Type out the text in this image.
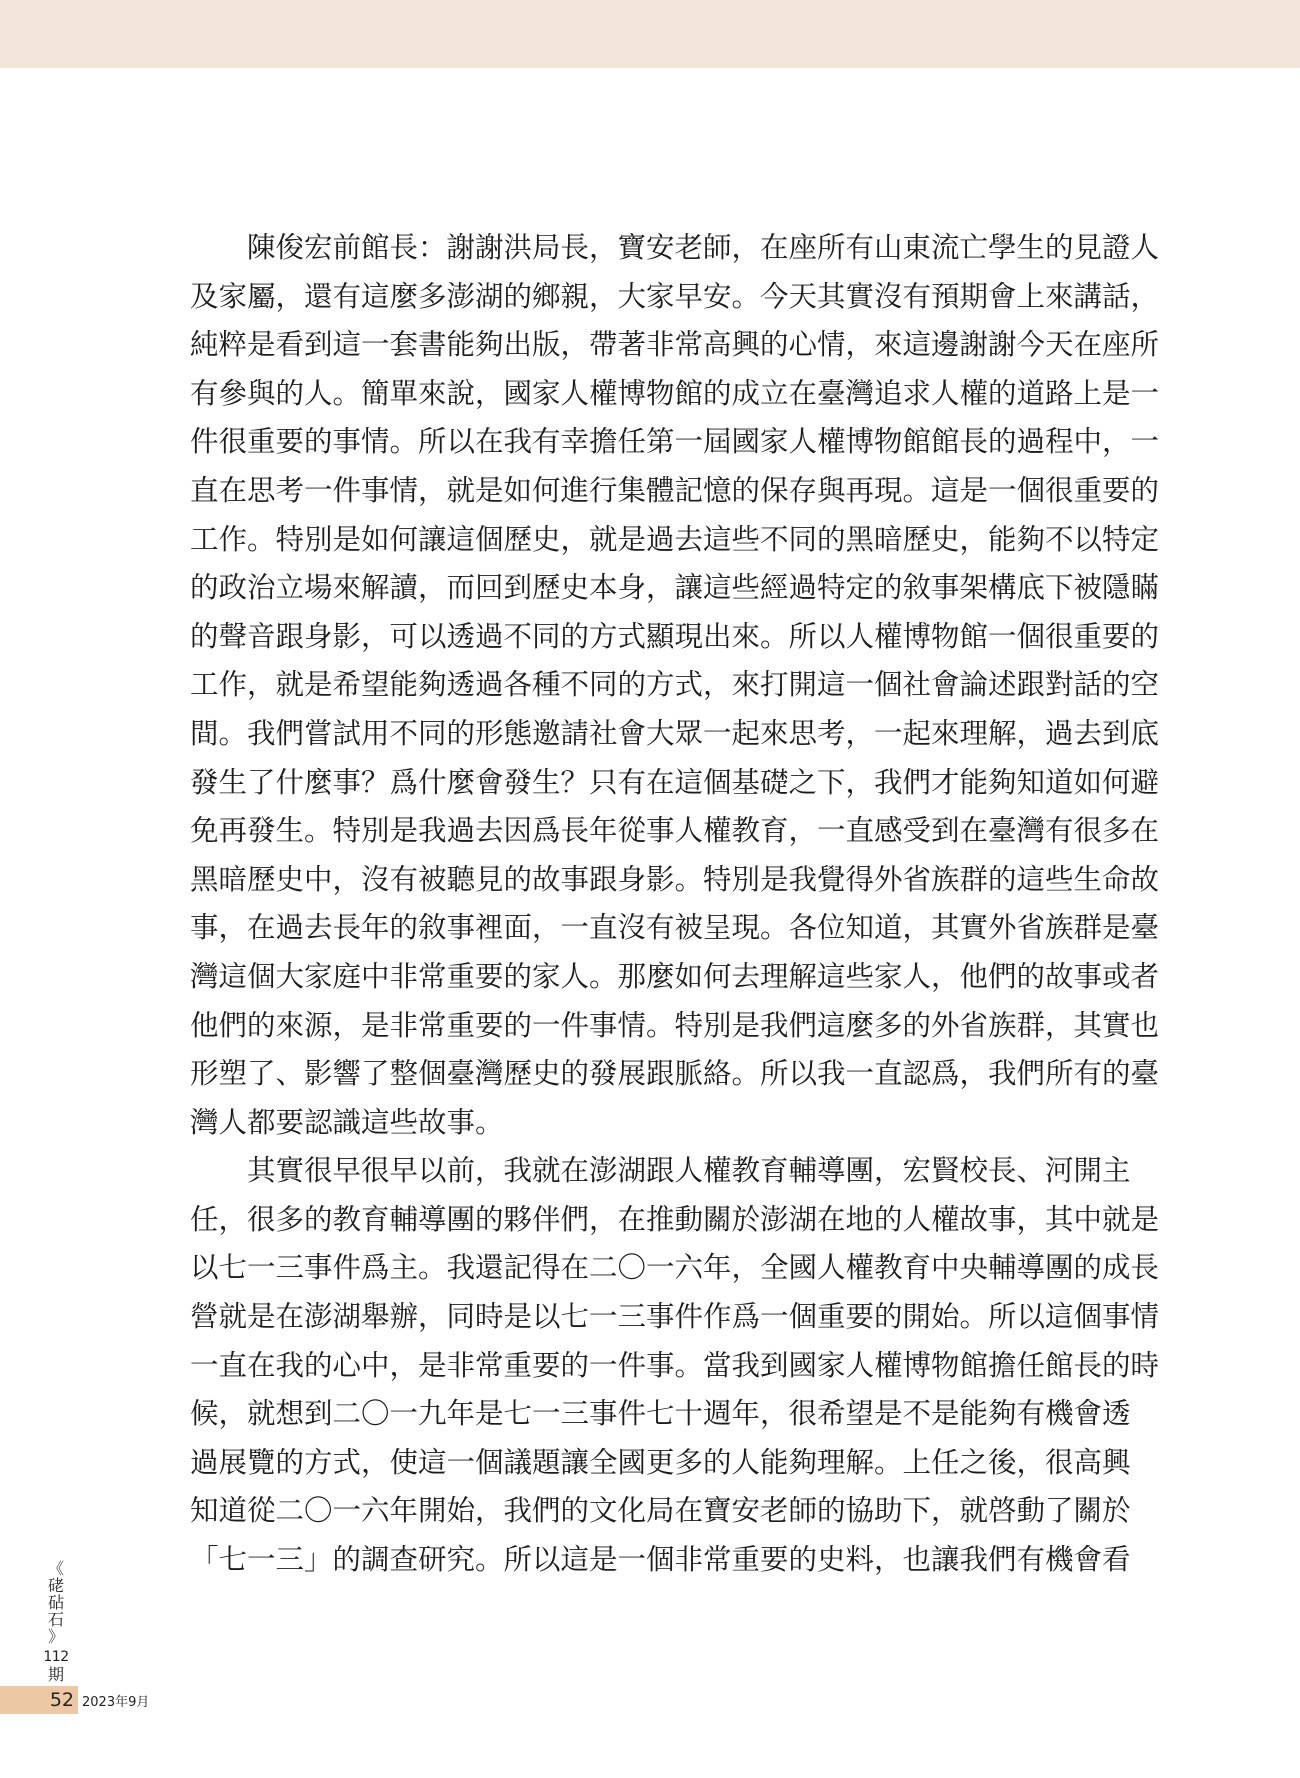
陳俊宏前館長：謝謝洪局長，寶安老師，在座所有山東流亡學生的見證人
及家屬，還有這麼多澎湖的鄉親，大家早安。今天其實沒有預期會上來講話，
純粹是看到這一套書能夠出版，帶著非常高興的心情，來這邊謝謝今天在座所
有參與的人。簡單來說，國家人權博物館的成立在臺灣追求人權的道路上是一
件很重要的事情。所以在我有幸擔任第一屆國家人權博物館館長的過程中，一
直在思考一件事情，就是如何進行集體記憶的保存與再現。這是一個很重要的
工作。特別是如何讓這個歷史，就是過去這些不同的黑暗歷史，能夠不以特定
的政治立場來解讀，而回到歷史本身，讓這些經過特定的敘事架構底下被隱瞞
的聲音跟身影，可以透過不同的方式顯現出來。所以人權博物館一個很重要的
工作，就是希望能夠透過各種不同的方式，來打開這一個社會論述跟對話的空
間。我們嘗試用不同的形態邀請社會大眾一起來思考，一起來理解，過去到底
發生了什麼事？爲什麼會發生？只有在這個基礎之下，我們才能夠知道如何避
免再發生。特別是我過去因爲長年從事人權教育，一直感受到在臺灣有很多在
黑暗歷史中，沒有被聽見的故事跟身影。特別是我覺得外省族群的這些生命故
事，在過去長年的敘事裡面，一直沒有被呈現。各位知道，其實外省族群是臺
灣這個大家庭中非常重要的家人。那麼如何去理解這些家人，他們的故事或者
他們的來源，是非常重要的一件事情。特別是我們這麼多的外省族群，其實也
形塑了、影響了整個臺灣歷史的發展跟脈絡。所以我一直認爲，我們所有的臺
灣人都要認識這些故事。

其實很早很早以前，我就在澎湖跟人權教育輔導團，宏賢校長、河開主
任，很多的教育輔導團的夥伴們，在推動關於澎湖在地的人權故事，其中就是
以七一三事件爲主。我還記得在二〇一六年，全國人權教育中央輔導團的成長
營就是在澎湖舉辦，同時是以七一三事件作爲一個重要的開始。所以這個事情
一直在我的心中，是非常重要的一件事。當我到國家人權博物館擔任館長的時
候，就想到二〇一九年是七一三事件七十週年，很希望是不是能夠有機會透
過展覽的方式，使這一個議題讓全國更多的人能夠理解。上任之後，很高興
知道從二〇一六年開始，我們的文化局在寶安老師的協助下，就啓動了關於
「七一三」的調查研究。所以這是一個非常重要的史料，也讓我們有機會看

《
硓
砧
石
》
112
期
52 2023年9月
